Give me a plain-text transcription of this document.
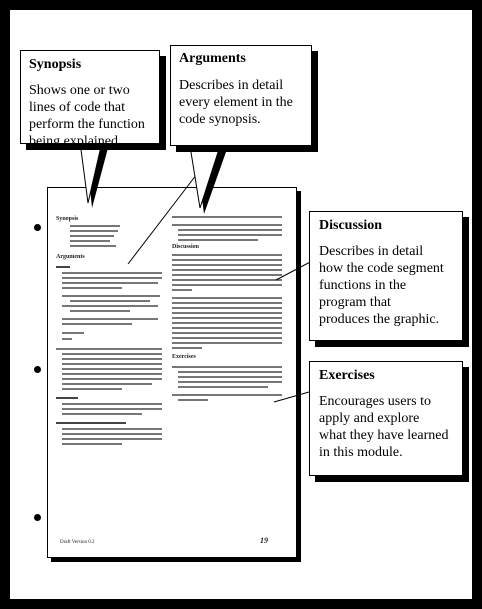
Synopsis
Arguments
Discussion
Exercises
Draft Version 0.2	19
Synopsis
Shows one or two
lines of code that
perform the function
being explained.
Arguments
Describes in detail
every element in the
code synopsis.
Discussion
Describes in detail
how the code segment
functions in the
program that
produces the graphic.
Exercises
Encourages users to
apply and explore
what they have learned
in this module.
